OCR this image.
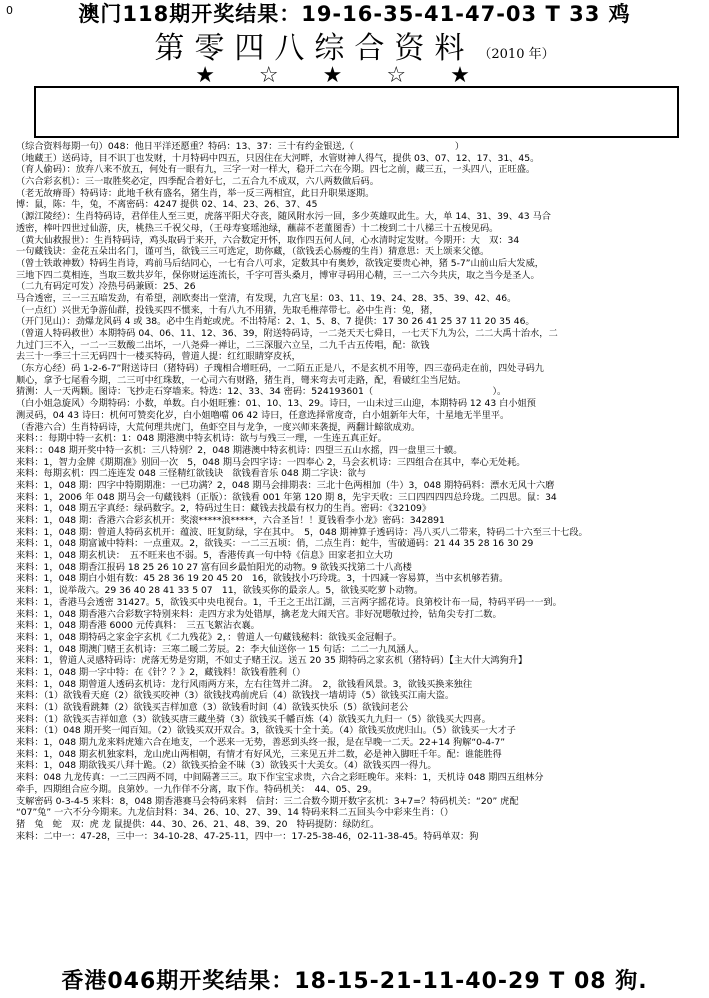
0	澳门118期开奖结果：19-16-35-41-47-03 T 33 鸡
第零四八综合资料 （2010 年）
★☆★☆★
（综合资料每期一句）048：他日平洋还愿重？特码：13、37：三十有约金银送,（　　　　　　　　　　　）
（地藏王）送码诗，目不识丁也发财，十月特码中四五，只因住在大河畔，水管财神人得气，提供 03、07、12、17、31、45。
（育人偷码）：放弃八来不放五，何处有一眼有九，三字一对一样大，稳开二六在今期。四七之前，藏三五，一头四八，正旺盛。
（六合彩玄机）：三一取胜奖必定，四季配合着好七，二五合九不成双，六八两数做后码。
（老无故瘠哥）特码诗：此地千秋有盛名，猪生肖，举一反三两相宜，此日升职果逐期。
博：鼠，陈：牛，兔，不离密码：4247 提供 02、14、23、26、37、45
（源江陵经）：生肖特码诗，君佯佳人至三更，虎落平阳犬夺丧，随风附水污一回，多少英雄叹此生。大，单 14、31、39、43 马合
透密，棒叶四世过仙游，庆，桃热三千祝父母，（王母寿宴瑶池绿，蘸蒜不老董图香）十二梭到二十八梯三十五梭见码。
（黄大仙救报世）：生肖特码诗，鸡头取码于来开，六合数定开怀，取作四五何人问，心水清时定发财。今期开：大　双：34
一句藏钱诀：金花五朵出名门，谨可当，欲钱三三可选定，助你藏，（欲钱丢心肠瘦的生肖）猜意思：天上颂来父德。
（曾士铁敢神数）特码生肖诗，鸡前马后结同心，一七有合八可求，定数其中有奥妙，欲钱定要贵心神，猪 5-7”山前山后大发威，
三地下四二莫相连，当取三数共岁年，保你财运连流长，千字可晋头桑月，博审寻码用心精，三一二六今共庆，取之当今是圣人。
（二九有码定可发）冷热号码兼顾：25、26
马合透密，三一三五暗发劲，有希望，剖欧奏出一堂清，有发现，九宫飞星：03、11、19、24、28、35、39、42、46。
（一点红）兴世无争游仙群，投钱买四不惯来，十有八九不用猜，先取毛椎萍带七。必中生肖：兔，猪，
（开门见山）：劲爆龙风码 4 或 38。必中生肖蛇或虎。不出特尾：2、1、5、8、7 提供：17 30 26 41 25 37 11 20 35 46。
（曾道人特码救世）本期特码 04、06、11、12、36、39，附送特码诗，一二尧天天七舜日，一七天下九为公，二二大禹十治水，二
九过门三不入，一二一三数酸二出坏，一八尧舜一禅让，二三深服六立呈，二九千古五传唱，配：欲钱
去三十一季三十三无码四十一楼买特码，曾道人提：红红眼睛穿皮袄，
（东方心经）码 1-2-6-7”附送诗曰（猪特码）子瑰相合增旺码，一二陌五正是八，不是玄机不用等，四三壶码走在前，四处寻码九
顺心，拿予七尾看今期，二三可中红珠数，一心司六有财路，猪生肖，彎来弯去可走路，配，看破红尘当尼姑。
猜测：人一天两颗。图诗：飞抄走石穿墙来。特选：12、33、34 密码：524193601（　　　　　　　　　　　　　）。
（白小姐急旋风）今期特码：小数，单数。白小姐旺雅：01、10、13、29。诗曰，一山未过三山迎，本期特码 12 43 白小姐预
测灵码，04 43 诗曰：机何可赞奕化岁，白小姐噜噹 06 42 诗曰，任意选择常度奇，白小姐新年大年，十星地无半里平。
（香港六合）生肖特码诗，大荒何理共虎门，鱼虾空目与龙争，一度兴师来袭提，两翻计鲸欲成劝。
来料：：每期中特一玄机：1：048 期港澳中特玄机诗：欲与与残三一理，一生连五真正好。
来料：：048 期开奖中特一玄机：三八特别？2，048 期港澳中特玄机诗：四望三五山水摇，四一盘里三十蟆。
来料：1，智力金牌《期期准》别回一次　5，048 期马会四字诗：一四奉心 2，马会玄机诗：三四组合在其中，奉心无处耗。
来料：每期玄机：四二连连发 048 三怪精红欲钱诀　欲钱看音乐 048 期二字诀：欲与
来料：1，048 期：四字中特期期准：一已功满？2，048 期马会排期表：三北十色两相加（牛）3，048 期特码料：漂水无风十六磨
来料：1，2006 年 048 期马会一句藏钱料（正版）：欲钱看 001 年第 120 期 8，先宇天收：三口四四四四总玲珑。二四思。鼠：34
来料：1，048 期五字真经：绿码数字。2，特码过生日：藏钱去找最有权力的生肖。密码：《32109》
来料：1，048 期：香港六合彩玄机开：奖滚*****浪*****，六合圣旨！！夏钱看李小龙》密码：342891
来料：1，048 期：曾道人特码玄机开：蕴波、旺复防绿，字在其中。　5，048 期神算子透码诗：冯八买八二带来，特码二十六至三十七段。
来料：1，048 期富诚中特料：一点重双。2，欲钱买：一二三五顷：俏，二点生肖：蛇牛，雪破通码：21 44 35 28 16 30 29
来料：1，048 期玄机诀：　五不旺来也不弱。5，香港传真一句中特《信息》田家老扣立大功
来料：1，048 期香江报码 18 25 26 10 27 富有回乡最怕阳光的动物。9 欲钱买找第二十八高楼
来料：1，048 期白小姐有数：45 28 36 19 20 45 20　16，欲钱找小巧玲珑。3，十四减一容易算，当中玄机够若猜。
来料：1，说举哉六。29 36 40 28 41 33 5 07　11，欲钱买你的最亲人。5，欲钱买吃萝卜动物。
来料：1，香港马会透密 31427。5，欲钱买中央电视台。1，千王之王出江湖，三言两字摇花诗。良第校计布一局，特码平码一一到。
来料：1，048 期香港六合彩数字特别来料：走四方求为处错厚，擒老龙大闹天宫。非好况嗯敬过拎，钻角尖专打二数。
来料：1，048 期香港 6000 元传真料：　三五飞絮沾衣襄。
来料：1，048 期特码之家金字玄机《二九残花》2，：曾道人一句藏钱秘料：欲钱买金冠帽子。
来料：1，048 期澳门赌王玄机诗：三寒二暖二芳辰。2：李大仙送你一 15 句话：二二一九凤涵人。
来料：1，曾道人灵感特码诗：虎落无势是穷期，不如丈子赌王汉。送五 20 35 期特码之家玄机（猪特码）【主大什大鸿狗升】
来料：1，048 期一字中特：在《针？？》2，藏钱料！欲钱看胜利（）
来料：1，048 期曾道人透码玄机诗：龙行风雨两方来，左右往驾并二湃。　2，欲钱看风景。3，欲钱买换来独往
来料：（1）欲钱看天庭（2）欲钱买咬神（3）欲钱找鸡前虎后（4）欲钱找一墙胡诗（5）欲钱买江南大盗。
来料：（1）欲钱看跳舞（2）欲钱买吉样加意（3）欲钱看时间（4）欲钱买快乐（5）欲钱问老公
来料：（1）欲钱买吉祥如意（3）欲钱买唐三藏坐骑（3）欲钱买千幡百炼（4）欲钱买九九归一（5）欲钱买大四喜。
来料：（1）048 期开奖一闻百知。（2）欲钱买双开双合。3，欲钱买十全十美。（4）欲钱买放虎归山。（5）欲钱买一大才子
来料：1，048 期九龙来料虎雉六合在地支，一个恶来一无势，善恶到头终一报，是在早晚一二天。22+14 狗解“0-4-7”
来料：1，048 期玄机独家料，龙山虎山两相朝，有情才有好风光，三来见五并二数，必是神入脚旺千年。配：谁能胜得
来料：1，048 期欲钱买八拜十跪。（2）欲钱买拾金不昧（3）欲钱买十大美女。（4）欲钱买四一得九。
来料：048 九龙传真：一二三四两不同，中间隔著三三。取下作宝宝求贵，六合之彩旺晚年。来料：1，天机诗 048 期四五组林分
牵手，四期组合应今期。良第妙。一九作佯不分离，取下作。特码机关：　44、05、29。
支解密码 0-3-4-5 来料：8，048 期香港赛马会特码来料　信封：三二合数今期开数字玄机：3+7=？特码机关：“20” 虎配
“07”兔” 一六不分今期来。九龙信封料：34、26、10、27、39、14 特码来料二五回头今中彩来生肖：（）
猪　兔　蛇　双：虎 龙 鼠提供：44、30、26、21、48、39、20　特码提防：绿防红。
来料：二中一：47-28，三中一：34-10-28、47-25-11，四中一：17-25-38-46，02-11-38-45。特码单双：狗
香港046期开奖结果：18-15-21-11-40-29 T 08 狗.
